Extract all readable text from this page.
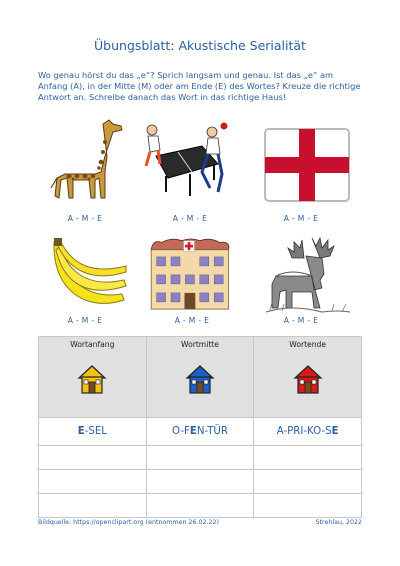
Übungsblatt: Akustische Serialität
Wo genau hörst du das „e“? Sprich langsam und genau. Ist das „e“ am Anfang (A), in der Mitte (M) oder am Ende (E) des Wortes? Kreuze die richtige Antwort an. Schreibe danach das Wort in das richtige Haus!
A - M - E	A - M - E	A - M - E
A - M - E	A - M - E	A - M - E
Wortanfang	Wortmitte	Wortende

E-SEL	O-FEN-TÜR	A-PRI-KO-SE

Bildquelle: https://openclipart.org (entnommen 26.02.22)	Strehlau, 2022
